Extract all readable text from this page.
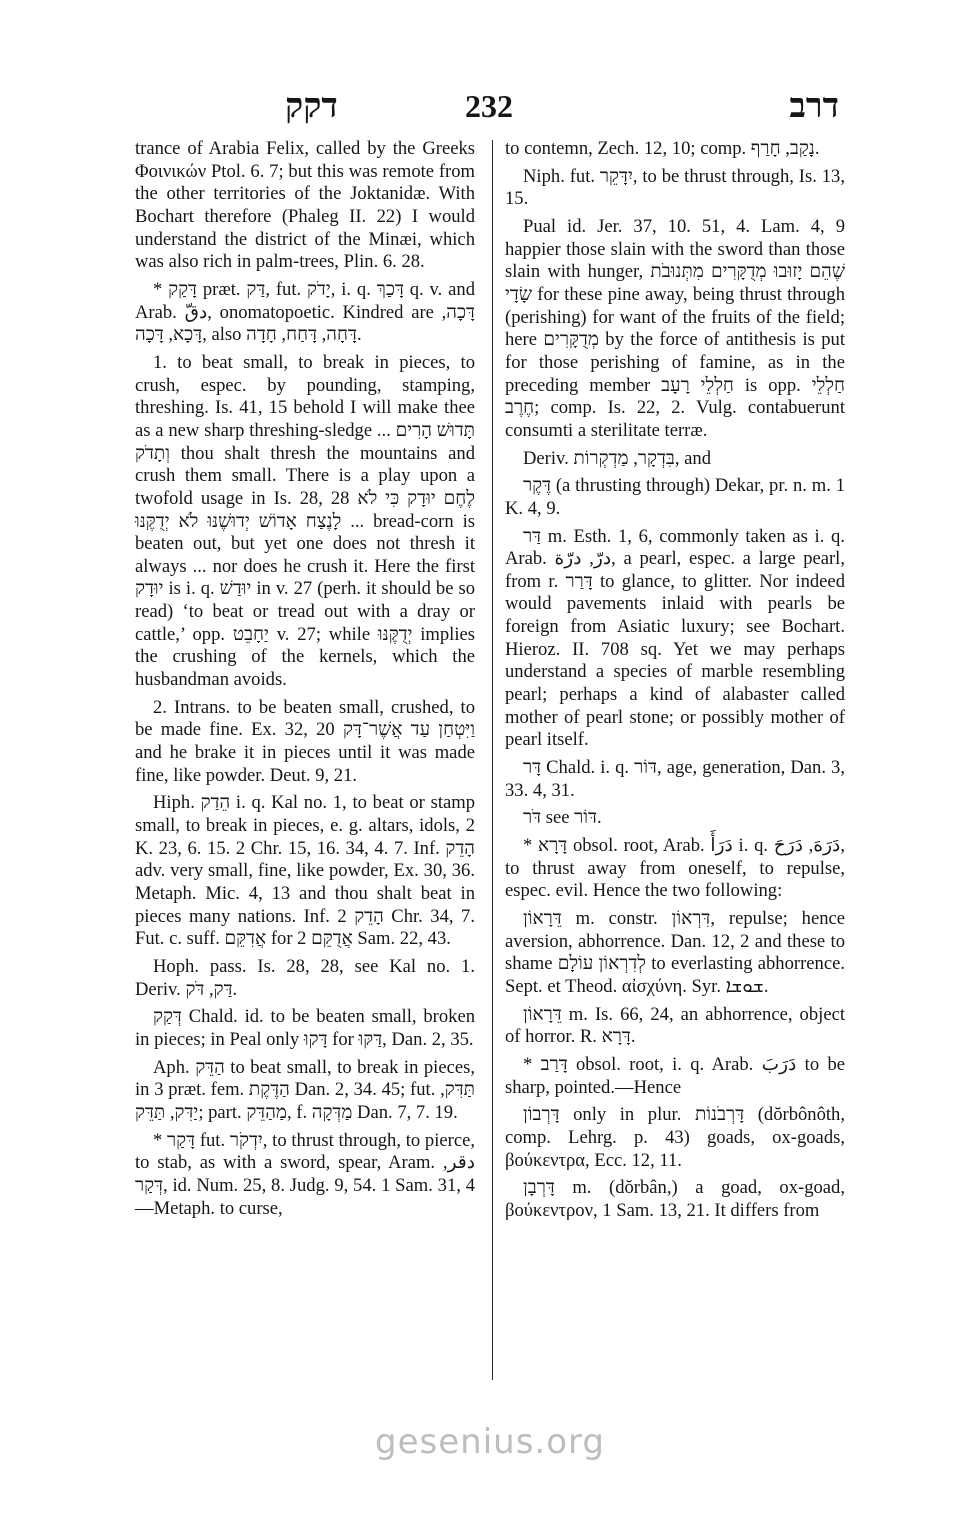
דקק	232	דרב

trance of Arabia Felix, called by the Greeks Φοινικών Ptol. 6. 7; but this was remote from the other territories of the Joktanidæ. With Bochart therefore (Phaleg II. 22) I would understand the district of the Minæi, which was also rich in palm-trees, Plin. 6. 28.

* דָּקַק præt. דַּק, fut. יָדֹק, i. q. דָּכַךְ q. v. and Arab. دقّ, onomatopoetic. Kindred are דָּכָה, דָּכָא, דָּכָה, also דָּחָה, דָּחַח, חָדָה.

1. to beat small, to break in pieces, to crush, espec. by pounding, stamping, threshing. Is. 41, 15 behold I will make thee as a new sharp threshing-sledge ... תָּדוּשׁ הָרִים וְתָדֹק thou shalt thresh the mountains and crush them small. There is a play upon a twofold usage in Is. 28, 28 לֶחֶם יוּדָק כִּי לֹא לָנֶצַח אָדוֹשׁ יְדוּשֶׁנּוּ לֹא יְדֻקֶּנּוּ ... bread-corn is beaten out, but yet one does not thresh it always ... nor does he crush it. Here the first יוּדָק is i. q. יוּדַשׁ in v. 27 (perh. it should be so read) ‘to beat or tread out with a dray or cattle,’ opp. יַחָבֵט v. 27; while יְדֻקֶּנּוּ implies the crushing of the kernels, which the husbandman avoids.

2. Intrans. to be beaten small, crushed, to be made fine. Ex. 32, 20 וַיִּטְחַן עַד אֲשֶׁר־דָּק and he brake it in pieces until it was made fine, like powder. Deut. 9, 21.

Hiph. הֵדַק i. q. Kal no. 1, to beat or stamp small, to break in pieces, e. g. altars, idols, 2 K. 23, 6. 15. 2 Chr. 15, 16. 34, 4. 7. Inf. הָדֵק adv. very small, fine, like powder, Ex. 30, 36. Metaph. Mic. 4, 13 and thou shalt beat in pieces many nations. Inf. הָדֵק 2 Chr. 34, 7. Fut. c. suff. אֲדִקֵּם for אֲדֻקֵּם 2 Sam. 22, 43.

Hoph. pass. Is. 28, 28, see Kal no. 1. Deriv. דַּק, דֹּק.

דְּקַק Chald. id. to be beaten small, broken in pieces; in Peal only דָּקוּ for דַּקּוּ, Dan. 2, 35.

Aph. הַדֵּק to beat small, to break in pieces, in 3 præt. fem. הַדֶּקֶת Dan. 2, 34. 45; fut. תַּדִּק, יַדִּק, תַּדֵּק; part. מַהַדֵּק, f. מַדְּקָה Dan. 7, 7. 19.

* דָּקַר fut. יִדְקֹר, to thrust through, to pierce, to stab, as with a sword, spear, Aram. دقر, דְּקַר, id. Num. 25, 8. Judg. 9, 54. 1 Sam. 31, 4 —Metaph. to curse,

to contemn, Zech. 12, 10; comp. נָקַב, חָרַף.

Niph. fut. יִדָּקֵר, to be thrust through, Is. 13, 15.

Pual id. Jer. 37, 10. 51, 4. Lam. 4, 9 happier those slain with the sword than those slain with hunger, שֶׁהֵם יָזוּבוּ מְדֻקָּרִים מִתְּנוּבֹת שָׂדָי for these pine away, being thrust through (perishing) for want of the fruits of the field; here מְדֻקָּרִים by the force of antithesis is put for those perishing of famine, as in the preceding member חַלְלֵי רָעָב is opp. חַלְלֵי חֶרֶב; comp. Is. 22, 2. Vulg. contabuerunt consumti a sterilitate terræ.

Deriv. בִּדְקָר, מַדְקְרוֹת, and

דֶּקֶר (a thrusting through) Dekar, pr. n. m. 1 K. 4, 9.

דַּר m. Esth. 1, 6, commonly taken as i. q. Arab. درّ, درّة, a pearl, espec. a large pearl, from r. דָּרַר to glance, to glitter. Nor indeed would pavements inlaid with pearls be foreign from Asiatic luxury; see Bochart. Hieroz. II. 708 sq. Yet we may perhaps understand a species of marble resembling pearl; perhaps a kind of alabaster called mother of pearl stone; or possibly mother of pearl itself.

דָּר Chald. i. q. דּוֹר, age, generation, Dan. 3, 33. 4, 31.

דֹּר see דּוֹר.

* דָּרָא obsol. root, Arab. دَرَأَ i. q. دَرَهَ, دَرَحَ, to thrust away from oneself, to repulse, espec. evil. Hence the two following:

דֵּרָאוֹן m. constr. דִּרְאוֹן, repulse; hence aversion, abhorrence. Dan. 12, 2 and these to shame לְדִרְאוֹן עוֹלָם to everlasting abhorrence. Sept. et Theod. αἰσχύνη. Syr. ܫܘܫܐ.

דֵּרָאוֹן m. Is. 66, 24, an abhorrence, object of horror. R. דָּרָא.

* דָּרַב obsol. root, i. q. Arab. دَرَبَ to be sharp, pointed.—Hence

דָּרְבוֹן only in plur. דָּרְבֹנוֹת (dŏrbônôth, comp. Lehrg. p. 43) goads, ox-goads, βούκεντρα, Ecc. 12, 11.

דָּרְבָן m. (dŏrbân,) a goad, ox-goad, βούκεντρον, 1 Sam. 13, 21. It differs from

gesenius.org
